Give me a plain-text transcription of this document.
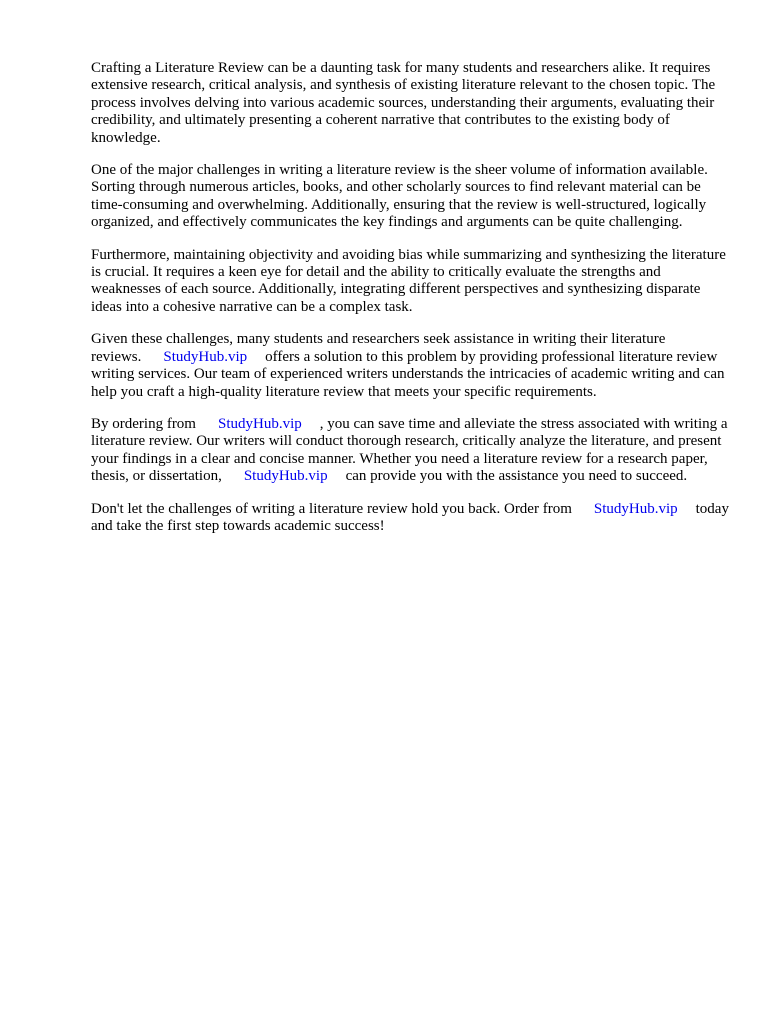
Crafting a Literature Review can be a daunting task for many students and researchers alike. It requires extensive research, critical analysis, and synthesis of existing literature relevant to the chosen topic. The process involves delving into various academic sources, understanding their arguments, evaluating their credibility, and ultimately presenting a coherent narrative that contributes to the existing body of knowledge.

One of the major challenges in writing a literature review is the sheer volume of information available. Sorting through numerous articles, books, and other scholarly sources to find relevant material can be time-consuming and overwhelming. Additionally, ensuring that the review is well-structured, logically organized, and effectively communicates the key findings and arguments can be quite challenging.

Furthermore, maintaining objectivity and avoiding bias while summarizing and synthesizing the literature is crucial. It requires a keen eye for detail and the ability to critically evaluate the strengths and weaknesses of each source. Additionally, integrating different perspectives and synthesizing disparate ideas into a cohesive narrative can be a complex task.

Given these challenges, many students and researchers seek assistance in writing their literature reviews. StudyHub.vip offers a solution to this problem by providing professional literature review writing services. Our team of experienced writers understands the intricacies of academic writing and can help you craft a high-quality literature review that meets your specific requirements.

By ordering from StudyHub.vip , you can save time and alleviate the stress associated with writing a literature review. Our writers will conduct thorough research, critically analyze the literature, and present your findings in a clear and concise manner. Whether you need a literature review for a research paper, thesis, or dissertation, StudyHub.vip can provide you with the assistance you need to succeed.

Don't let the challenges of writing a literature review hold you back. Order from StudyHub.vip today and take the first step towards academic success!
